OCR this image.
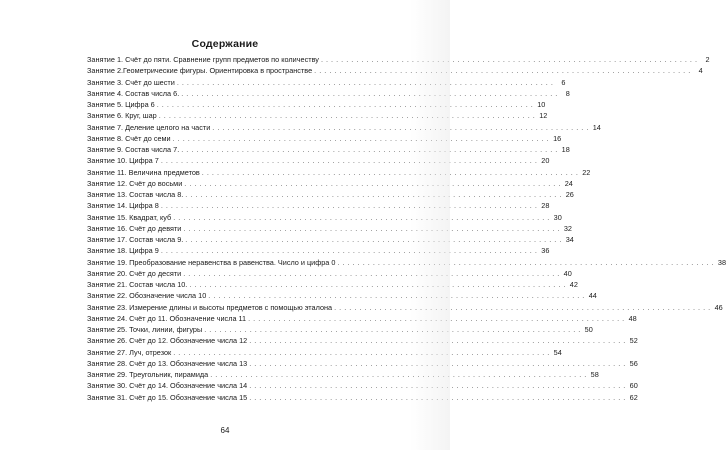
Содержание
Занятие 1. Счёт до пяти. Сравнение групп предметов по количеству . . .	2
Занятие 2.Геометрические фигуры. Ориентировка в пространстве . . .	4
Занятие 3. Счёт до шести . . .	6
Занятие 4. Состав числа 6. . . .	8
Занятие 5. Цифра 6 . . .	10
Занятие 6. Круг, шар . . .	12
Занятие 7. Деление целого на части . . .	14
Занятие 8. Счёт до семи . . .	16
Занятие 9. Состав числа 7. . . .	18
Занятие 10. Цифра 7 . . .	20
Занятие 11. Величина предметов . . .	22
Занятие 12. Счёт до восьми . . .	24
Занятие 13. Состав числа 8. . . .	26
Занятие 14. Цифра 8 . . .	28
Занятие 15. Квадрат, куб . . .	30
Занятие 16. Счёт до девяти . . .	32
Занятие 17. Состав числа 9. . . .	34
Занятие 18. Цифра 9 . . .	36
Занятие 19. Преобразование неравенства в равенства. Число и цифра 0 . . .	38
Занятие 20. Счёт до десяти . . .	40
Занятие 21. Состав числа 10. . . .	42
Занятие 22. Обозначение числа 10 . . .	44
Занятие 23. Измерение длины и высоты предметов с помощью эталона . . .	46
Занятие 24. Счёт до 11. Обозначение числа 11 . . .	48
Занятие 25. Точки, линии, фигуры . . .	50
Занятие 26. Счёт до 12. Обозначение числа 12 . . .	52
Занятие 27. Луч, отрезок . . .	54
Занятие 28. Счёт до 13. Обозначение числа 13 . . .	56
Занятие 29. Треугольник, пирамида . . .	58
Занятие 30. Счёт до 14. Обозначение числа 14 . . .	60
Занятие 31. Счёт до 15. Обозначение числа 15 . . .	62
64
